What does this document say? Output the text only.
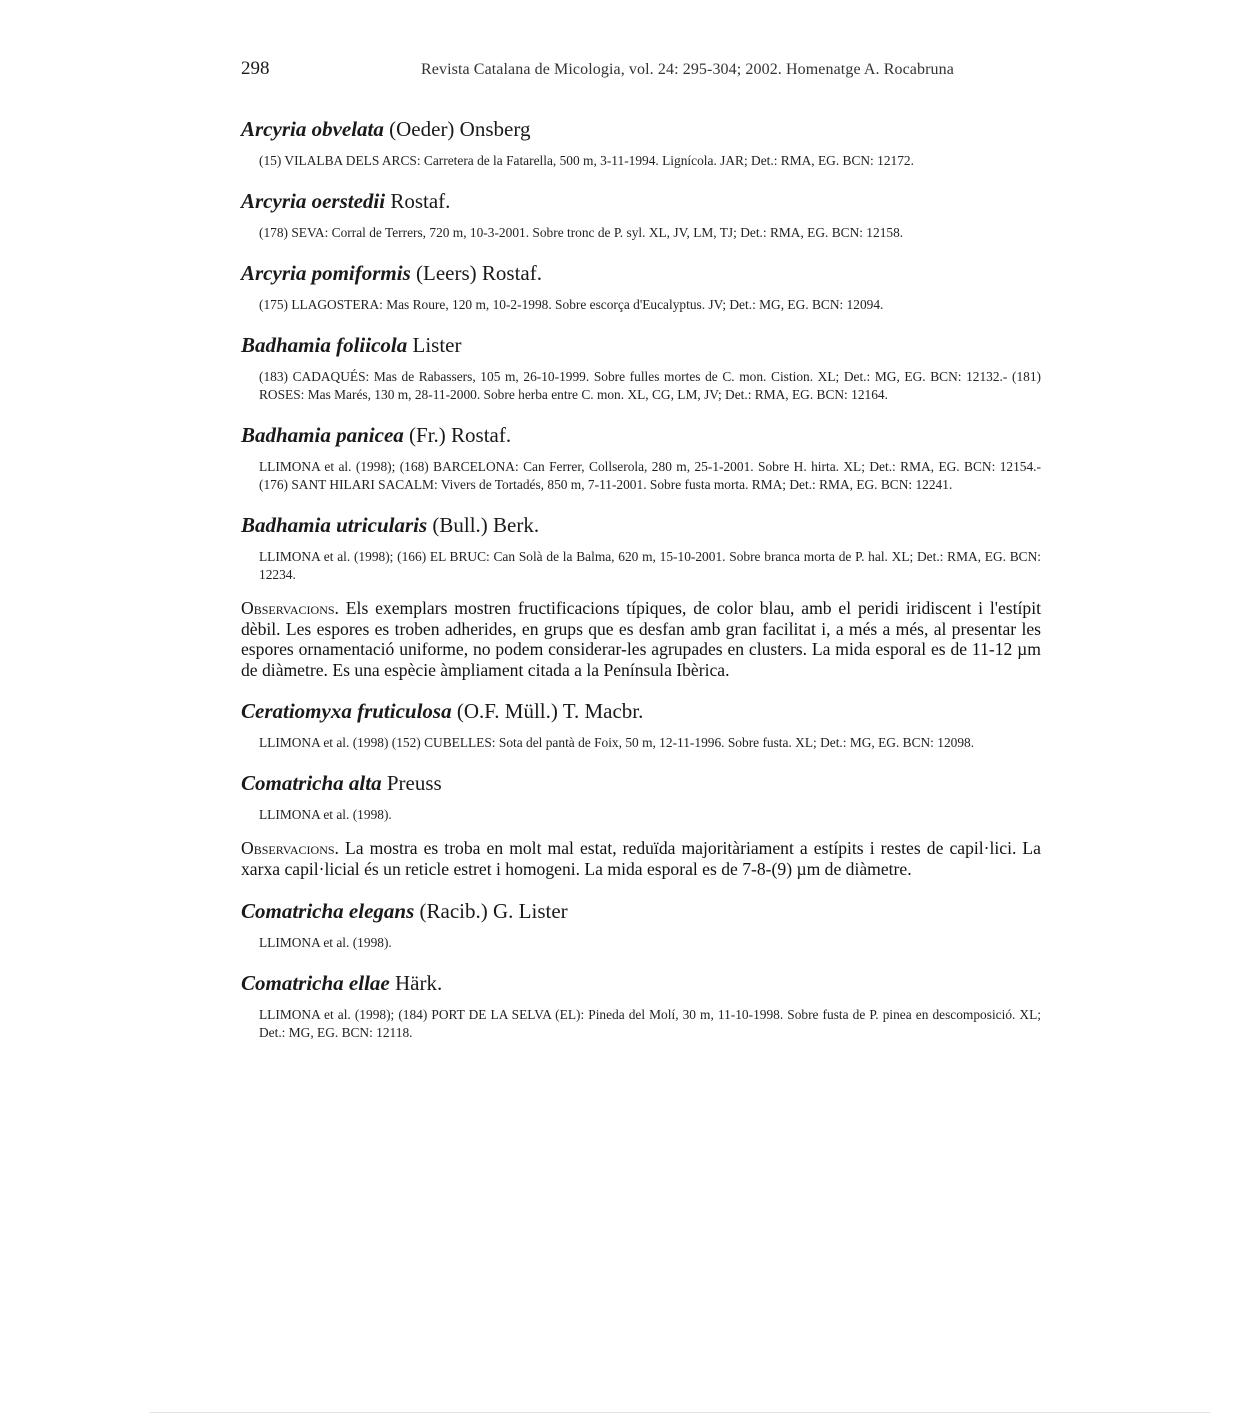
298	Revista Catalana de Micologia, vol. 24: 295-304; 2002. Homenatge A. Rocabruna
Arcyria obvelata (Oeder) Onsberg

(15) VILALBA DELS ARCS: Carretera de la Fatarella, 500 m, 3-11-1994. Lignícola. JAR; Det.: RMA, EG. BCN: 12172.

Arcyria oerstedii Rostaf.

(178) SEVA: Corral de Terrers, 720 m, 10-3-2001. Sobre tronc de P. syl. XL, JV, LM, TJ; Det.: RMA, EG. BCN: 12158.

Arcyria pomiformis (Leers) Rostaf.

(175) LLAGOSTERA: Mas Roure, 120 m, 10-2-1998. Sobre escorça d'Eucalyptus. JV; Det.: MG, EG. BCN: 12094.

Badhamia foliicola Lister

(183) CADAQUÉS: Mas de Rabassers, 105 m, 26-10-1999. Sobre fulles mortes de C. mon. Cistion. XL; Det.: MG, EG. BCN: 12132.- (181) ROSES: Mas Marés, 130 m, 28-11-2000. Sobre herba entre C. mon. XL, CG, LM, JV; Det.: RMA, EG. BCN: 12164.

Badhamia panicea (Fr.) Rostaf.

LLIMONA et al. (1998); (168) BARCELONA: Can Ferrer, Collserola, 280 m, 25-1-2001. Sobre H. hirta. XL; Det.: RMA, EG. BCN: 12154.- (176) SANT HILARI SACALM: Vivers de Tortadés, 850 m, 7-11-2001. Sobre fusta morta. RMA; Det.: RMA, EG. BCN: 12241.

Badhamia utricularis (Bull.) Berk.

LLIMONA et al. (1998); (166) EL BRUC: Can Solà de la Balma, 620 m, 15-10-2001. Sobre branca morta de P. hal. XL; Det.: RMA, EG. BCN: 12234.

Observacions. Els exemplars mostren fructificacions típiques, de color blau, amb el peridi iridiscent i l'estípit dèbil. Les espores es troben adherides, en grups que es desfan amb gran facilitat i, a més a més, al presentar les espores ornamentació uniforme, no podem considerar-les agrupades en clusters. La mida esporal es de 11-12 µm de diàmetre. Es una espècie àmpliament citada a la Península Ibèrica.

Ceratiomyxa fruticulosa (O.F. Müll.) T. Macbr.

LLIMONA et al. (1998) (152) CUBELLES: Sota del pantà de Foix, 50 m, 12-11-1996. Sobre fusta. XL; Det.: MG, EG. BCN: 12098.

Comatricha alta Preuss

LLIMONA et al. (1998).

Observacions. La mostra es troba en molt mal estat, reduïda majoritàriament a estípits i restes de capil·lici. La xarxa capil·licial és un reticle estret i homogeni. La mida esporal es de 7-8-(9) µm de diàmetre.

Comatricha elegans (Racib.) G. Lister

LLIMONA et al. (1998).

Comatricha ellae Härk.

LLIMONA et al. (1998); (184) PORT DE LA SELVA (EL): Pineda del Molí, 30 m, 11-10-1998. Sobre fusta de P. pinea en descomposició. XL; Det.: MG, EG. BCN: 12118.
